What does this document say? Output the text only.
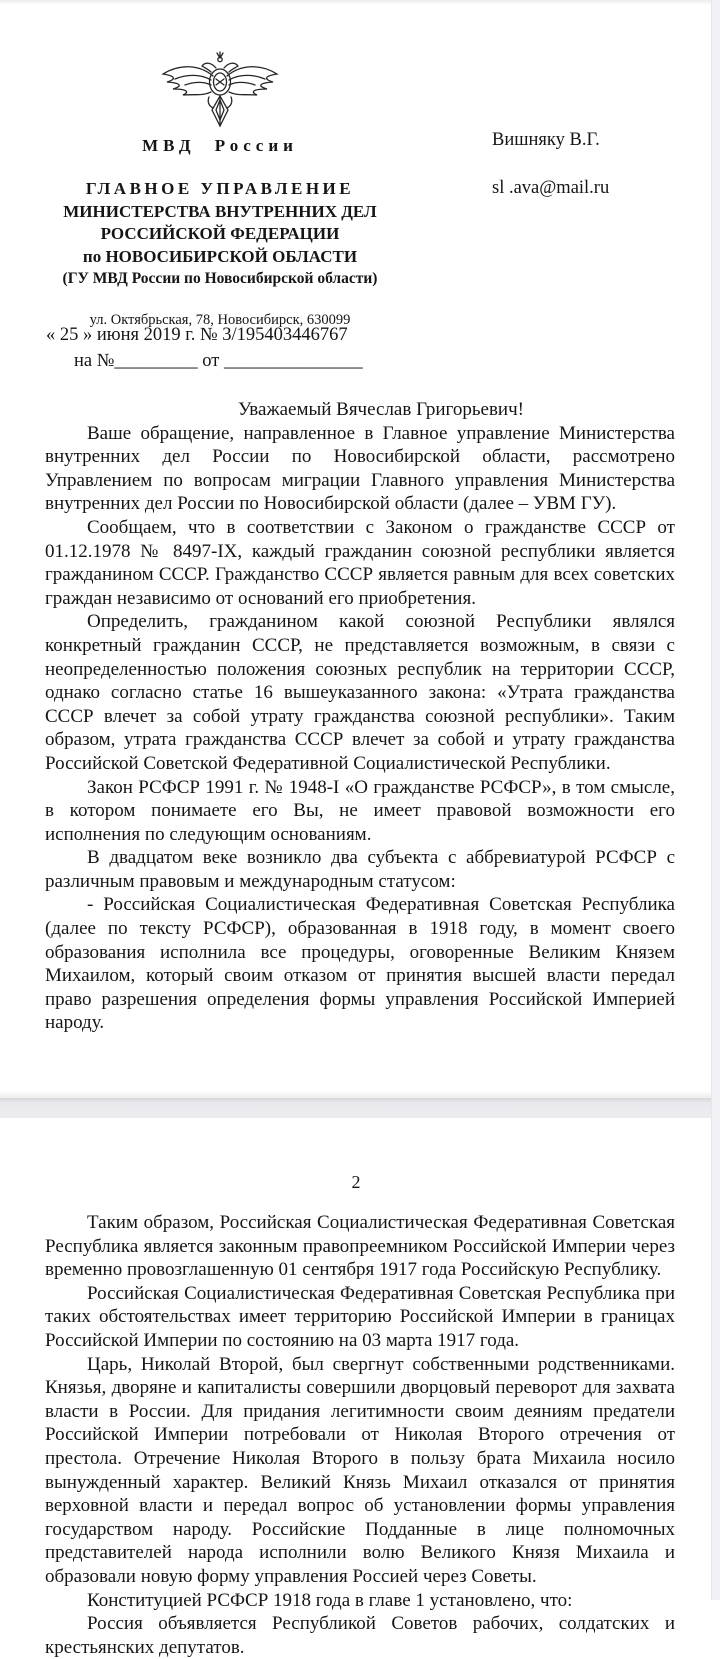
МВД России
ГЛАВНОЕ УПРАВЛЕНИЕ
МИНИСТЕРСТВА ВНУТРЕННИХ ДЕЛ
РОССИЙСКОЙ ФЕДЕРАЦИИ
по НОВОСИБИРСКОЙ ОБЛАСТИ
(ГУ МВД России по Новосибирской области)
ул. Октябрьская, 78, Новосибирск, 630099
Вишняку В.Г.
sl .ava@mail.ru
« 25 » июня 2019 г. № 3/195403446767
на №_________ от _______________

Уважаемый Вячеслав Григорьевич!

Ваше обращение, направленное в Главное управление Министерства внутренних дел России по Новосибирской области, рассмотрено Управлением по вопросам миграции Главного управления Министерства внутренних дел России по Новосибирской области (далее – УВМ ГУ).

Сообщаем, что в соответствии с Законом о гражданстве СССР от 01.12.1978 № 8497-IX, каждый гражданин союзной республики является гражданином СССР. Гражданство СССР является равным для всех советских граждан независимо от оснований его приобретения.

Определить, гражданином какой союзной Республики являлся конкретный гражданин СССР, не представляется возможным, в связи с неопределенностью положения союзных республик на территории СССР, однако согласно статье 16 вышеуказанного закона: «Утрата гражданства СССР влечет за собой утрату гражданства союзной республики». Таким образом, утрата гражданства СССР влечет за собой и утрату гражданства Российской Советской Федеративной Социалистической Республики.

Закон РСФСР 1991 г. № 1948-I «О гражданстве РСФСР», в том смысле, в котором понимаете его Вы, не имеет правовой возможности его исполнения по следующим основаниям.

В двадцатом веке возникло два субъекта с аббревиатурой РСФСР с различным правовым и международным статусом:

- Российская Социалистическая Федеративная Советская Республика (далее по тексту РСФСР), образованная в 1918 году, в момент своего образования исполнила все процедуры, оговоренные Великим Князем Михаилом, который своим отказом от принятия высшей власти передал право разрешения определения формы управления Российской Империей народу.

2

Таким образом, Российская Социалистическая Федеративная Советская Республика является законным правопреемником Российской Империи через временно провозглашенную 01 сентября 1917 года Российскую Республику.

Российская Социалистическая Федеративная Советская Республика при таких обстоятельствах имеет территорию Российской Империи в границах Российской Империи по состоянию на 03 марта 1917 года.

Царь, Николай Второй, был свергнут собственными родственниками. Князья, дворяне и капиталисты совершили дворцовый переворот для захвата власти в России. Для придания легитимности своим деяниям предатели Российской Империи потребовали от Николая Второго отречения от престола. Отречение Николая Второго в пользу брата Михаила носило вынужденный характер. Великий Князь Михаил отказался от принятия верховной власти и передал вопрос об установлении формы управления государством народу. Российские Подданные в лице полномочных представителей народа исполнили волю Великого Князя Михаила и образовали новую форму управления Россией через Советы.

Конституцией РСФСР 1918 года в главе 1 установлено, что:

Россия объявляется Республикой Советов рабочих, солдатских и крестьянских депутатов.
